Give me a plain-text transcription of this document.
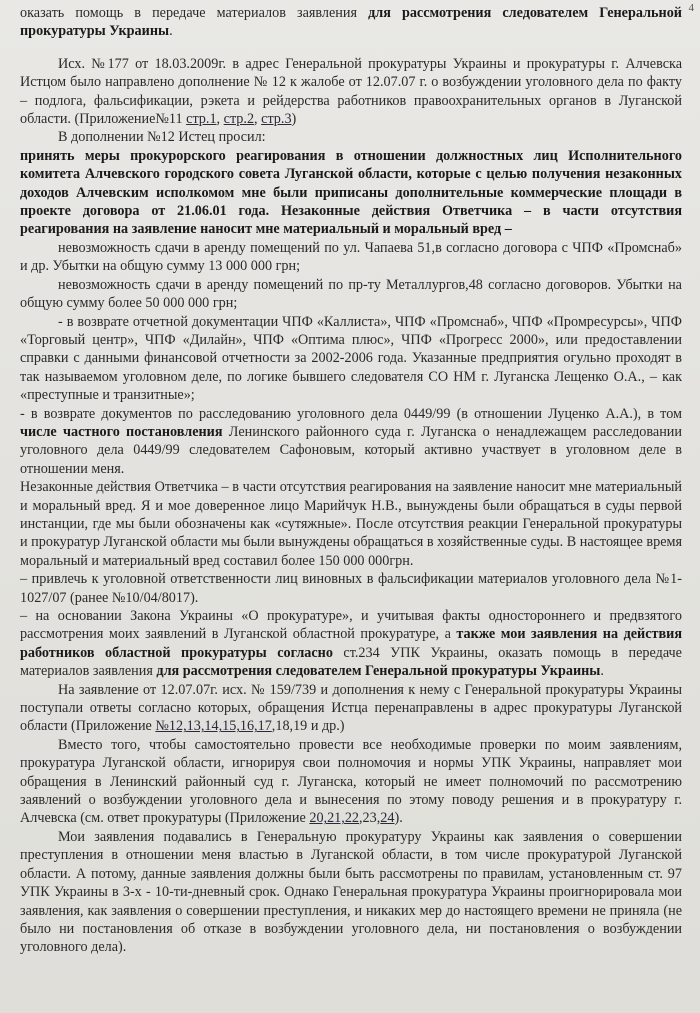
4

оказать помощь в передаче материалов заявления для рассмотрения следователем Генеральной прокуратуры Украины.

Исх. №177 от 18.03.2009г. в адрес Генеральной прокуратуры Украины и прокуратуры г. Алчевска Истцом было направлено дополнение № 12 к жалобе от 12.07.07 г. о возбуждении уголовного дела по факту – подлога, фальсификации, рэкета и рейдерства работников правоохранительных органов в Луганской области. (Приложение№11 стр.1, стр.2, стр.3)

В дополнении №12 Истец просил:

принять меры прокурорского реагирования в отношении должностных лиц Исполнительного комитета Алчевского городского совета Луганской области, которые с целью получения незаконных доходов Алчевским исполкомом мне были приписаны дополнительные коммерческие площади в проекте договора от 21.06.01 года. Незаконные действия Ответчика – в части отсутствия реагирования на заявление наносит мне материальный и моральный вред –

невозможность сдачи в аренду помещений по ул. Чапаева 51,в согласно договора с ЧПФ «Промснаб» и др. Убытки на общую сумму 13 000 000 грн;

невозможность сдачи в аренду помещений по пр-ту Металлургов,48 согласно договоров. Убытки на общую сумму более 50 000 000 грн;

- в возврате отчетной документации ЧПФ «Каллиста», ЧПФ «Промснаб», ЧПФ «Промресурсы», ЧПФ «Торговый центр», ЧПФ «Дилайн», ЧПФ «Оптима плюс», ЧПФ «Прогресс 2000», или предоставлении справки с данными финансовой отчетности за 2002-2006 года. Указанные предприятия огульно проходят в так называемом уголовном деле, по логике бывшего следователя СО НМ г. Луганска Лещенко О.А., – как «преступные и транзитные»;

- в возврате документов по расследованию уголовного дела 0449/99 (в отношении Луценко А.А.), в том числе частного постановления Ленинского районного суда г. Луганска о ненадлежащем расследовании уголовного дела 0449/99 следователем Сафоновым, который активно участвует в уголовном деле в отношении меня.

Незаконные действия Ответчика – в части отсутствия реагирования на заявление наносит мне материальный и моральный вред. Я и мое доверенное лицо Марийчук Н.В., вынуждены были обращаться в суды первой инстанции, где мы были обозначены как «сутяжные». После отсутствия реакции Генеральной прокуратуры и прокуратур Луганской области мы были вынуждены обращаться в хозяйственные суды. В настоящее время моральный и материальный вред составил более 150 000 000грн.

– привлечь к уголовной ответственности лиц виновных в фальсификации материалов уголовного дела №1-1027/07 (ранее №10/04/8017).

– на основании Закона Украины «О прокуратуре», и учитывая факты одностороннего и предвзятого рассмотрения моих заявлений в Луганской областной прокуратуре, а также мои заявления на действия работников областной прокуратуры согласно ст.234 УПК Украины, оказать помощь в передаче материалов заявления для рассмотрения следователем Генеральной прокуратуры Украины.

На заявление от 12.07.07г. исх. № 159/739 и дополнения к нему с Генеральной прокуратуры Украины поступали ответы согласно которых, обращения Истца перенаправлены в адрес прокуратуры Луганской области (Приложение №12,13,14,15,16,17,18,19 и др.)

Вместо того, чтобы самостоятельно провести все необходимые проверки по моим заявлениям, прокуратура Луганской области, игнорируя свои полномочия и нормы УПК Украины, направляет мои обращения в Ленинский районный суд г. Луганска, который не имеет полномочий по рассмотрению заявлений о возбуждении уголовного дела и вынесения по этому поводу решения и в прокуратуру г. Алчевска (см. ответ прокуратуры (Приложение 20,21,22,23,24).

Мои заявления подавались в Генеральную прокуратуру Украины как заявления о совершении преступления в отношении меня властью в Луганской области, в том числе прокуратурой Луганской области. А потому, данные заявления должны были быть рассмотрены по правилам, установленным ст. 97 УПК Украины в 3-х - 10-ти-дневный срок. Однако Генеральная прокуратура Украины проигнорировала мои заявления, как заявления о совершении преступления, и никаких мер до настоящего времени не приняла (не было ни постановления об отказе в возбуждении уголовного дела, ни постановления о возбуждении уголовного дела).
